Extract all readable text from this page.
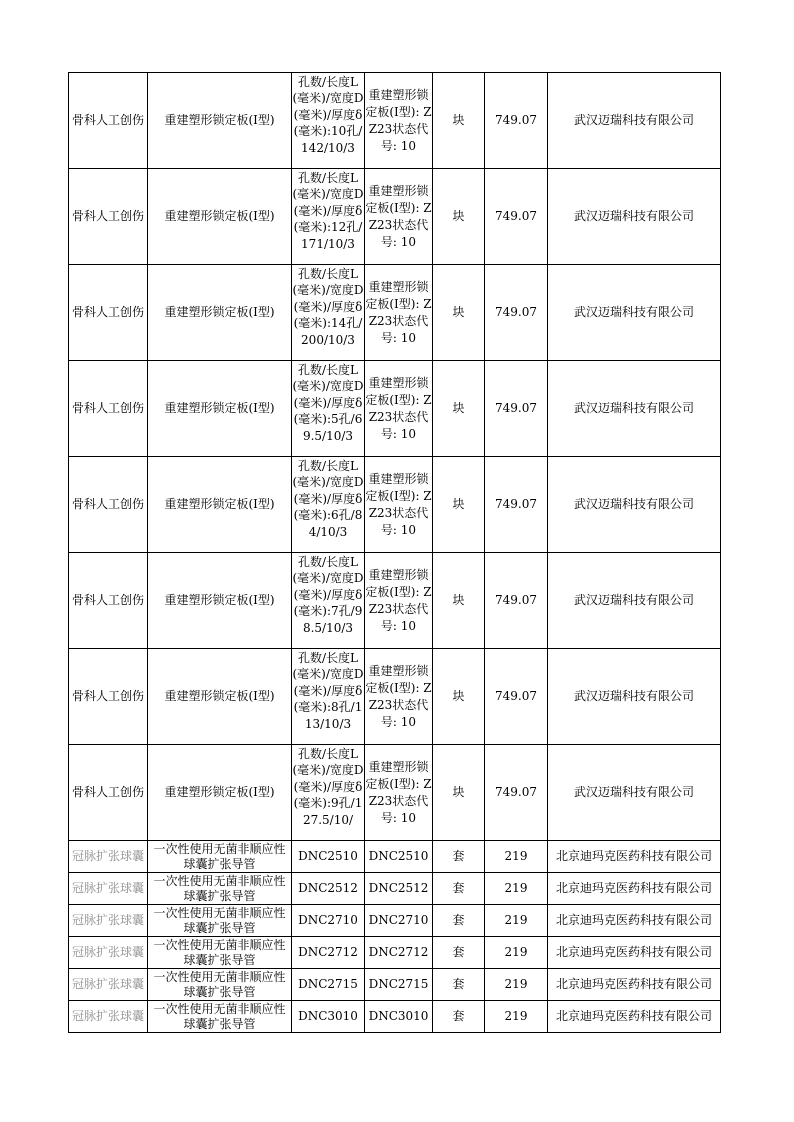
骨科人工创伤	重建塑形锁定板(Ⅰ型)	孔数/长度L(毫米)/宽度D(毫米)/厚度δ(毫米):10孔/142/10/3	重建塑形锁定板(Ⅰ型): ZZ23状态代号: 10	块	749.07	武汉迈瑞科技有限公司

骨科人工创伤	重建塑形锁定板(Ⅰ型)	孔数/长度L(毫米)/宽度D(毫米)/厚度δ(毫米):12孔/171/10/3	重建塑形锁定板(Ⅰ型): ZZ23状态代号: 10	块	749.07	武汉迈瑞科技有限公司

骨科人工创伤	重建塑形锁定板(Ⅰ型)	孔数/长度L(毫米)/宽度D(毫米)/厚度δ(毫米):14孔/200/10/3	重建塑形锁定板(Ⅰ型): ZZ23状态代号: 10	块	749.07	武汉迈瑞科技有限公司

骨科人工创伤	重建塑形锁定板(Ⅰ型)	孔数/长度L(毫米)/宽度D(毫米)/厚度δ(毫米):5孔/69.5/10/3	重建塑形锁定板(Ⅰ型): ZZ23状态代号: 10	块	749.07	武汉迈瑞科技有限公司

骨科人工创伤	重建塑形锁定板(Ⅰ型)	孔数/长度L(毫米)/宽度D(毫米)/厚度δ(毫米):6孔/84/10/3	重建塑形锁定板(Ⅰ型): ZZ23状态代号: 10	块	749.07	武汉迈瑞科技有限公司

骨科人工创伤	重建塑形锁定板(Ⅰ型)	孔数/长度L(毫米)/宽度D(毫米)/厚度δ(毫米):7孔/98.5/10/3	重建塑形锁定板(Ⅰ型): ZZ23状态代号: 10	块	749.07	武汉迈瑞科技有限公司

骨科人工创伤	重建塑形锁定板(Ⅰ型)	孔数/长度L(毫米)/宽度D(毫米)/厚度δ(毫米):8孔/113/10/3	重建塑形锁定板(Ⅰ型): ZZ23状态代号: 10	块	749.07	武汉迈瑞科技有限公司

骨科人工创伤	重建塑形锁定板(Ⅰ型)	孔数/长度L(毫米)/宽度D(毫米)/厚度δ(毫米):9孔/127.5/10/	重建塑形锁定板(Ⅰ型): ZZ23状态代号: 10	块	749.07	武汉迈瑞科技有限公司

冠脉扩张球囊	一次性使用无菌非顺应性球囊扩张导管	DNC2510	DNC2510	套	219	北京迪玛克医药科技有限公司

冠脉扩张球囊	一次性使用无菌非顺应性球囊扩张导管	DNC2512	DNC2512	套	219	北京迪玛克医药科技有限公司

冠脉扩张球囊	一次性使用无菌非顺应性球囊扩张导管	DNC2710	DNC2710	套	219	北京迪玛克医药科技有限公司

冠脉扩张球囊	一次性使用无菌非顺应性球囊扩张导管	DNC2712	DNC2712	套	219	北京迪玛克医药科技有限公司

冠脉扩张球囊	一次性使用无菌非顺应性球囊扩张导管	DNC2715	DNC2715	套	219	北京迪玛克医药科技有限公司

冠脉扩张球囊	一次性使用无菌非顺应性球囊扩张导管	DNC3010	DNC3010	套	219	北京迪玛克医药科技有限公司
